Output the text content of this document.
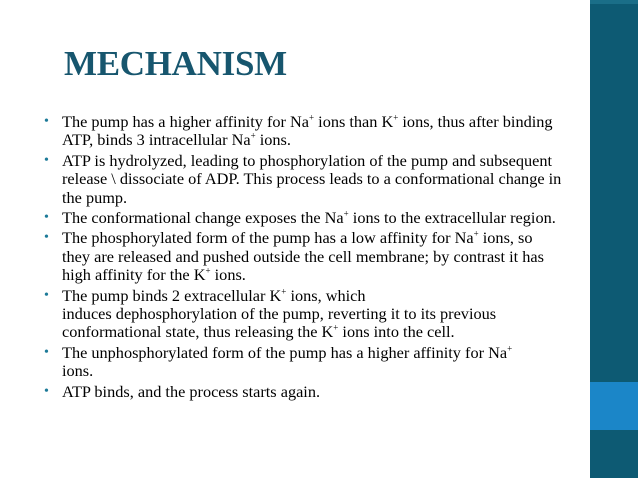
MECHANISM
• The pump has a higher affinity for Na+ ions than K+ ions, thus after binding ATP, binds 3 intracellular Na+ ions.
• ATP is hydrolyzed, leading to phosphorylation of the pump and subsequent release \ dissociate of ADP. This process leads to a conformational change in the pump.
• The conformational change exposes the Na+ ions to the extracellular region.
• The phosphorylated form of the pump has a low affinity for Na+ ions, so they are released and pushed outside the cell membrane; by contrast it has high affinity for the K+ ions.
• The pump binds 2 extracellular K+ ions, which
induces dephosphorylation of the pump, reverting it to its previous conformational state, thus releasing the K+ ions into the cell.
• The unphosphorylated form of the pump has a higher affinity for Na+
ions.
• ATP binds, and the process starts again.
